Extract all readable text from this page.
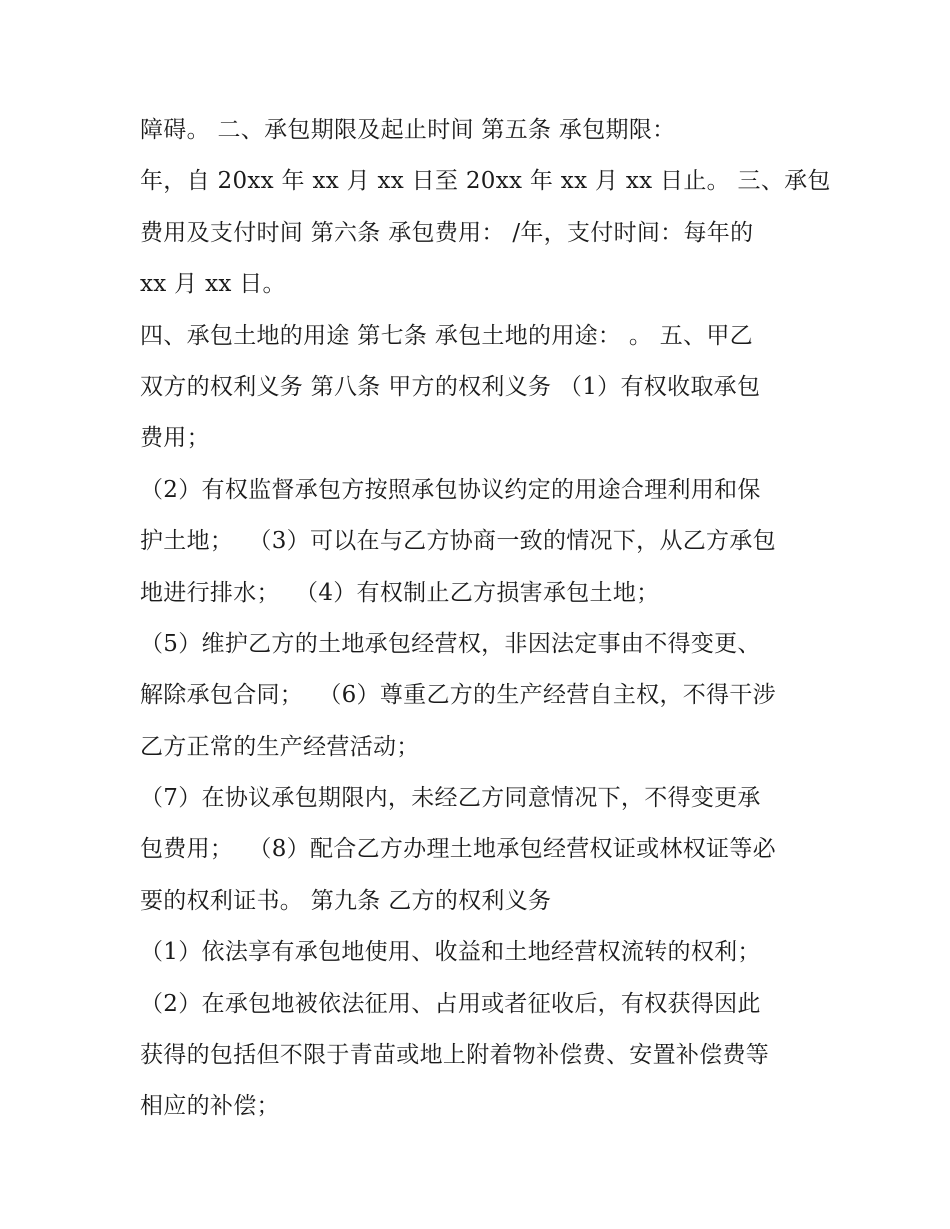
障碍。 二、承包期限及起止时间 第五条 承包期限：
年，自 20xx 年 xx 月 xx 日至 20xx 年 xx 月 xx 日止。 三、承包
费用及支付时间 第六条 承包费用： /年，支付时间：每年的
xx 月 xx 日。
四、承包土地的用途 第七条 承包土地的用途： 。 五、甲乙
双方的权利义务 第八条 甲方的权利义务 （1）有权收取承包
费用；
（2）有权监督承包方按照承包协议约定的用途合理利用和保
护土地；  （3）可以在与乙方协商一致的情况下，从乙方承包
地进行排水；  （4）有权制止乙方损害承包土地；
（5）维护乙方的土地承包经营权，非因法定事由不得变更、
解除承包合同；  （6）尊重乙方的生产经营自主权，不得干涉
乙方正常的生产经营活动；
（7）在协议承包期限内，未经乙方同意情况下，不得变更承
包费用；  （8）配合乙方办理土地承包经营权证或林权证等必
要的权利证书。 第九条 乙方的权利义务
（1）依法享有承包地使用、收益和土地经营权流转的权利；
（2）在承包地被依法征用、占用或者征收后，有权获得因此
获得的包括但不限于青苗或地上附着物补偿费、安置补偿费等
相应的补偿；
